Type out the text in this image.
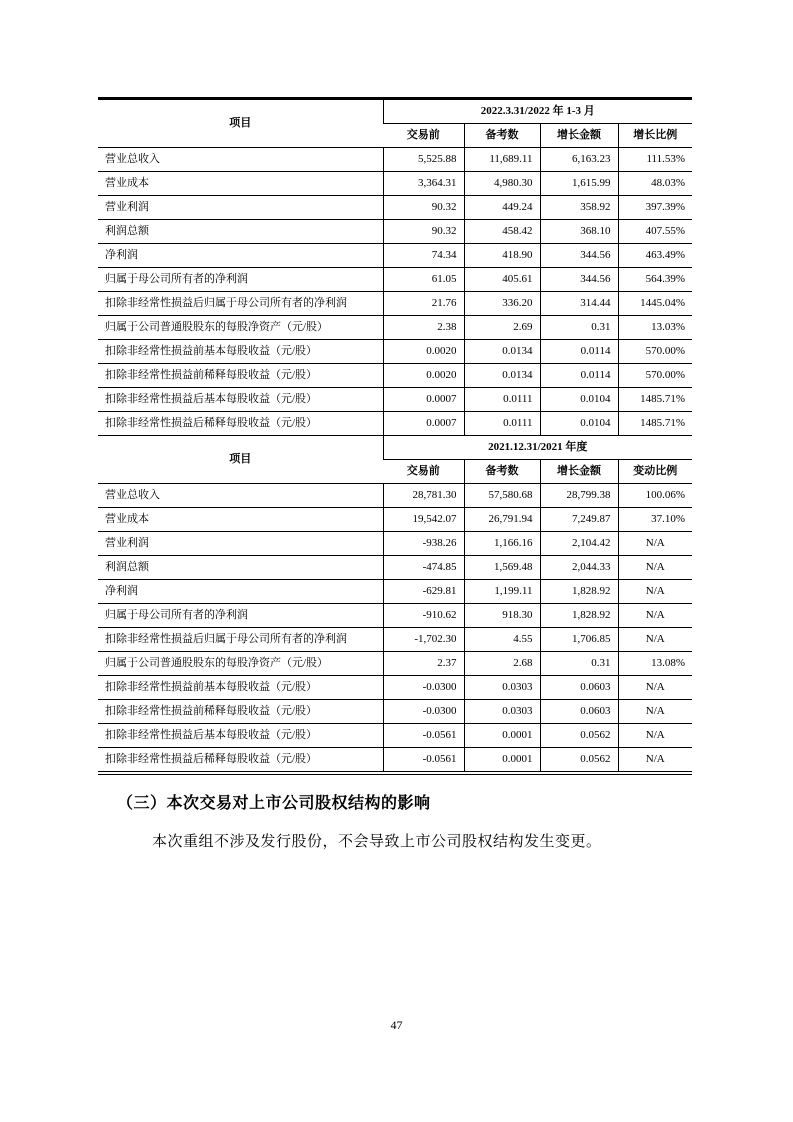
项目	2022.3.31/2022 年 1-3 月			
	交易前	备考数	增长金额	增长比例
营业总收入	5,525.88	11,689.11	6,163.23	111.53%
营业成本	3,364.31	4,980.30	1,615.99	48.03%
营业利润	90.32	449.24	358.92	397.39%
利润总额	90.32	458.42	368.10	407.55%
净利润	74.34	418.90	344.56	463.49%
归属于母公司所有者的净利润	61.05	405.61	344.56	564.39%
扣除非经常性损益后归属于母公司所有者的净利润	21.76	336.20	314.44	1445.04%
归属于公司普通股股东的每股净资产（元/股）	2.38	2.69	0.31	13.03%
扣除非经常性损益前基本每股收益（元/股）	0.0020	0.0134	0.0114	570.00%
扣除非经常性损益前稀释每股收益（元/股）	0.0020	0.0134	0.0114	570.00%
扣除非经常性损益后基本每股收益（元/股）	0.0007	0.0111	0.0104	1485.71%
扣除非经常性损益后稀释每股收益（元/股）	0.0007	0.0111	0.0104	1485.71%
项目	2021.12.31/2021 年度			
	交易前	备考数	增长金额	变动比例
营业总收入	28,781.30	57,580.68	28,799.38	100.06%
营业成本	19,542.07	26,791.94	7,249.87	37.10%
营业利润	-938.26	1,166.16	2,104.42	N/A
利润总额	-474.85	1,569.48	2,044.33	N/A
净利润	-629.81	1,199.11	1,828.92	N/A
归属于母公司所有者的净利润	-910.62	918.30	1,828.92	N/A
扣除非经常性损益后归属于母公司所有者的净利润	-1,702.30	4.55	1,706.85	N/A
归属于公司普通股股东的每股净资产（元/股）	2.37	2.68	0.31	13.08%
扣除非经常性损益前基本每股收益（元/股）	-0.0300	0.0303	0.0603	N/A
扣除非经常性损益前稀释每股收益（元/股）	-0.0300	0.0303	0.0603	N/A
扣除非经常性损益后基本每股收益（元/股）	-0.0561	0.0001	0.0562	N/A
扣除非经常性损益后稀释每股收益（元/股）	-0.0561	0.0001	0.0562	N/A
（三）本次交易对上市公司股权结构的影响
本次重组不涉及发行股份，不会导致上市公司股权结构发生变更。
47
